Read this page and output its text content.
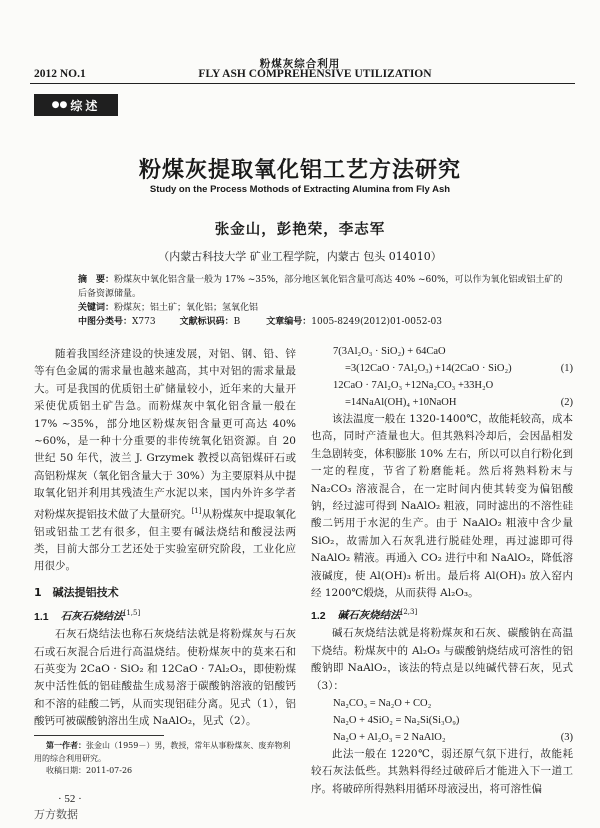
粉煤灰综合利用
2012 NO.1	FLY ASH COMPREHENSIVE UTILIZATION
●● 综述
粉煤灰提取氧化铝工艺方法研究
Study on the Process Mothods of Extracting Alumina from Fly Ash
张金山，彭艳荣，李志军
（内蒙古科技大学 矿业工程学院，内蒙古 包头 014010）
摘　要：粉煤灰中氧化铝含量一般为 17% ~35%，部分地区氧化铝含量可高达 40% ~60%，可以作为氧化铝或铝土矿的后备资源储量。
关键词：粉煤灰；铝土矿；氧化铝；氢氧化铝
中图分类号：X773	文献标识码：B	文章编号：1005-8249(2012)01-0052-03

随着我国经济建设的快速发展，对铝、钢、铅、锌等有色金属的需求量也越来越高，其中对铝的需求量最大。可是我国的优质铝土矿储量较小，近年来的大量开采使优质铝土矿告急。而粉煤灰中氧化铝含量一般在 17% ~35%，部分地区粉煤灰铝含量更可高达 40% ~60%，是一种十分重要的非传统氧化铝资源。自 20 世纪 50 年代，波兰 J. Grzymek 教授以高铝煤矸石或高铝粉煤灰（氧化铝含量大于 30%）为主要原料从中提取氧化铝并利用其残渣生产水泥以来，国内外许多学者对粉煤灰提铝技术做了大量研究。[1]从粉煤灰中提取氧化铝或铝盐工艺有很多，但主要有碱法烧结和酸浸法两类，目前大部分工艺还处于实验室研究阶段，工业化应用很少。

1　碱法提铝技术

1.1 石灰石烧结法[1,5]

石灰石烧结法也称石灰烧结法就是将粉煤灰与石灰石或石灰混合后进行高温烧结。使粉煤灰中的莫来石和石英变为 2CaO · SiO₂ 和 12CaO · 7Al₂O₃，即使粉煤灰中活性低的铝硅酸盐生成易溶于碳酸钠溶液的铝酸钙和不溶的硅酸二钙，从而实现铝硅分离。见式（1），铝酸钙可被碳酸钠溶出生成 NaAlO₂，见式（2）。

第一作者：张金山（1959－）男，教授，常年从事粉煤灰、废弃物利用的综合利用研究。
收稿日期：2011-07-26
7(3Al₂O₃ · SiO₂) + 64CaO
=3(12CaO · 7Al₂O₃) +14(2CaO · SiO₂)	(1)
12CaO · 7Al₂O₃ +12Na₂CO₃ +33H₂O
=14NaAl(OH)₄ +10NaOH	(2)

该法温度一般在 1320-1400℃，故能耗较高，成本也高，同时产渣量也大。但其熟料冷却后，会因晶相发生急剧转变，体积膨胀 10% 左右，所以可以自行粉化到一定的程度，节省了粉磨能耗。然后将熟料粉末与 Na₂CO₃ 溶液混合，在一定时间内使其转变为偏铝酸钠，经过滤可得到 NaAlO₂ 粗液，同时滤出的不溶性硅酸二钙用于水泥的生产。由于 NaAlO₂ 粗液中含少量 SiO₂，故需加入石灰乳进行脱硅处理，再过滤即可得 NaAlO₂ 精液。再通入 CO₂ 进行中和 NaAlO₂，降低溶液碱度，使 Al(OH)₃ 析出。最后将 Al(OH)₃ 放入窑内经 1200℃煅烧，从而获得 Al₂O₃。

1.2 碱石灰烧结法[2,3]

碱石灰烧结法就是将粉煤灰和石灰、碳酸钠在高温下烧结。粉煤灰中的 Al₂O₃ 与碳酸钠烧结成可溶性的铝酸钠即 NaAlO₂，该法的特点是以纯碱代替石灰，见式（3）：

Na₂CO₃ = Na₂O + CO₂
Na₂O + 4SiO₂ = Na₂Si(Si₃O₉)
Na₂O + Al₂O₃ = 2 NaAlO₂	(3)

此法一般在 1220℃，弱还原气氛下进行，故能耗较石灰法低些。其熟料得经过破碎后才能进入下一道工序。将破碎所得熟料用循环母液浸出，将可溶性偏

· 52 ·
万方数据
